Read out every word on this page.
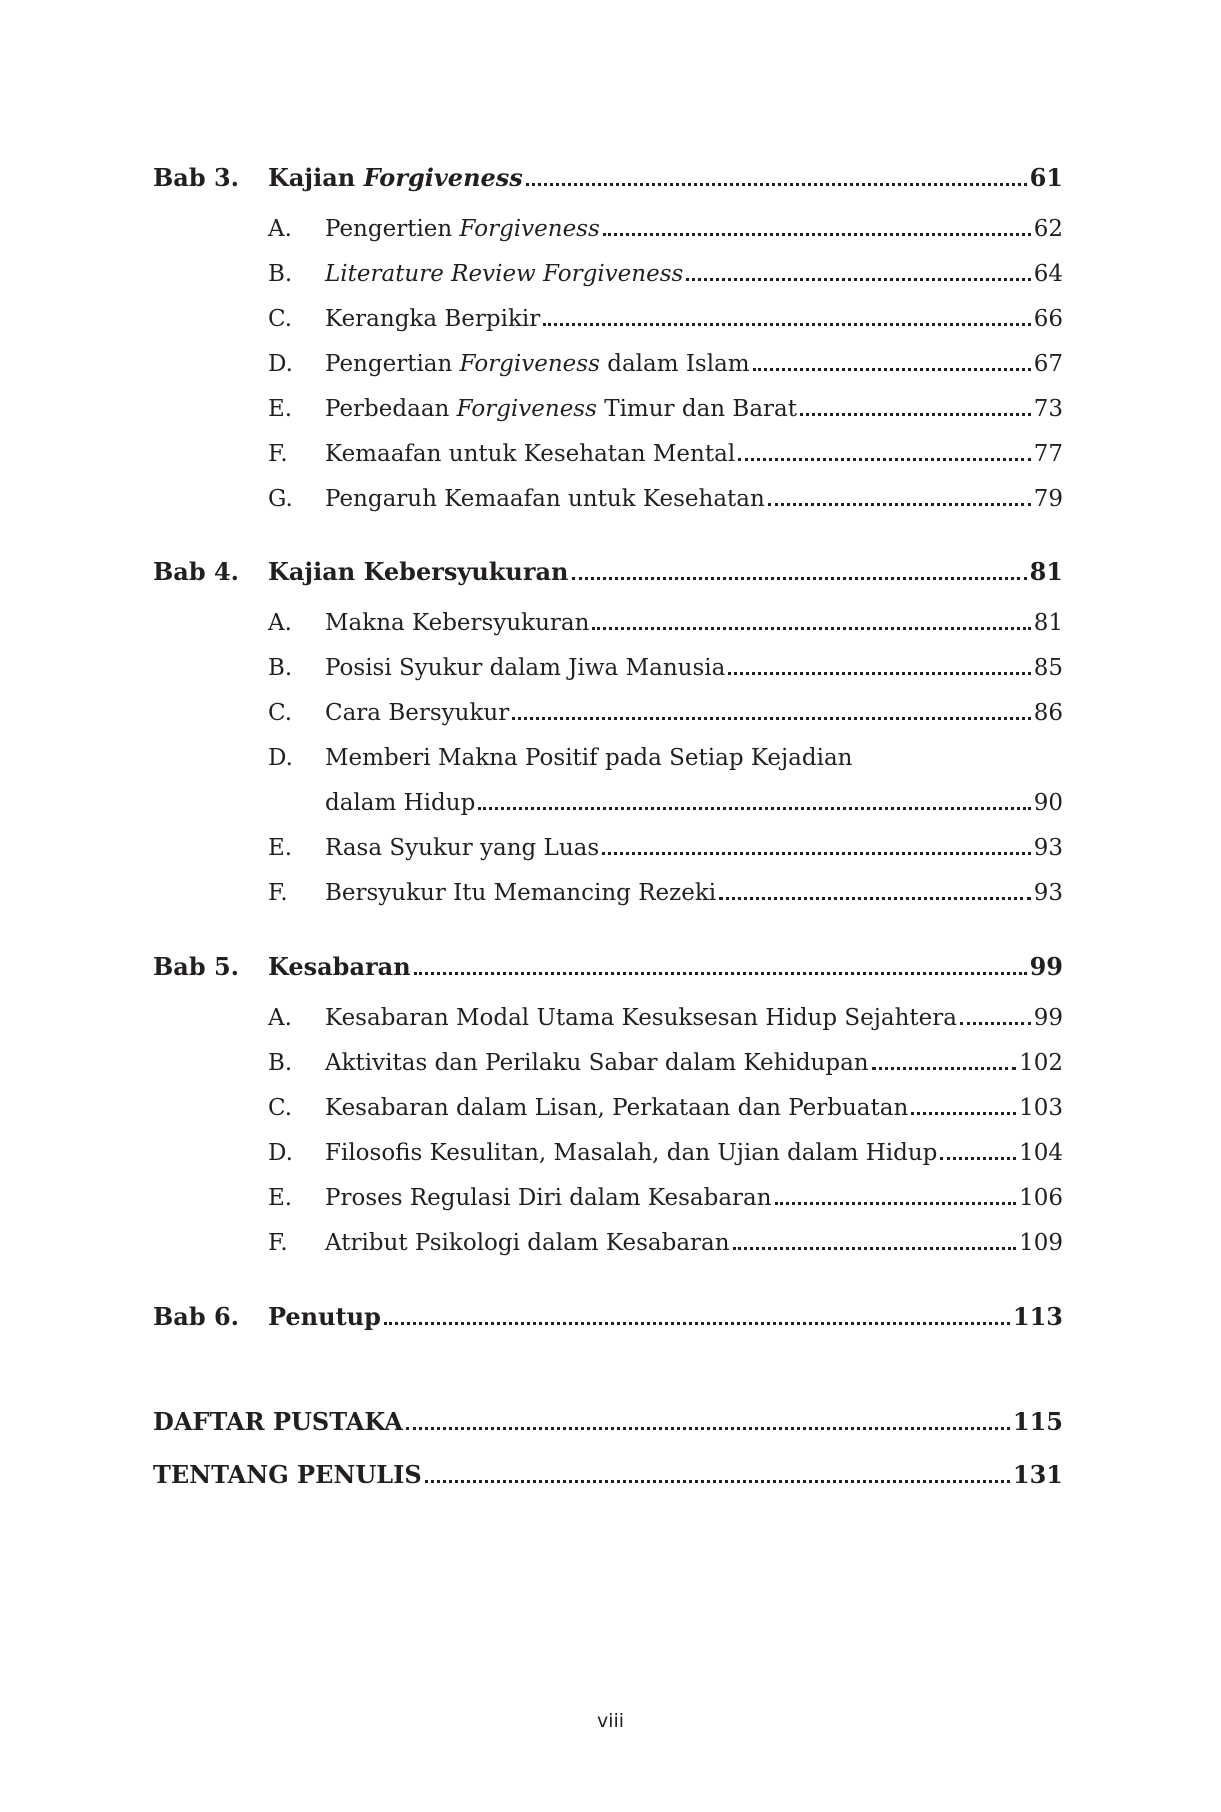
Bab 3.	Kajian Forgiveness	61
A.	Pengertien Forgiveness	62
B.	Literature Review Forgiveness	64
C.	Kerangka Berpikir	66
D.	Pengertian Forgiveness dalam Islam	67
E.	Perbedaan Forgiveness Timur dan Barat	73
F.	Kemaafan untuk Kesehatan Mental	77
G.	Pengaruh Kemaafan untuk Kesehatan	79
Bab 4.	Kajian Kebersyukuran	81
A.	Makna Kebersyukuran	81
B.	Posisi Syukur dalam Jiwa Manusia	85
C.	Cara Bersyukur	86
D.	Memberi Makna Positif pada Setiap Kejadian
dalam Hidup	90
E.	Rasa Syukur yang Luas	93
F.	Bersyukur Itu Memancing Rezeki	93
Bab 5.	Kesabaran	99
A.	Kesabaran Modal Utama Kesuksesan Hidup Sejahtera	99
B.	Aktivitas dan Perilaku Sabar dalam Kehidupan	102
C.	Kesabaran dalam Lisan, Perkataan dan Perbuatan	103
D.	Filosofis Kesulitan, Masalah, dan Ujian dalam Hidup	104
E.	Proses Regulasi Diri dalam Kesabaran	106
F.	Atribut Psikologi dalam Kesabaran	109
Bab 6.	Penutup	113
DAFTAR PUSTAKA	115
TENTANG PENULIS	131
viii
